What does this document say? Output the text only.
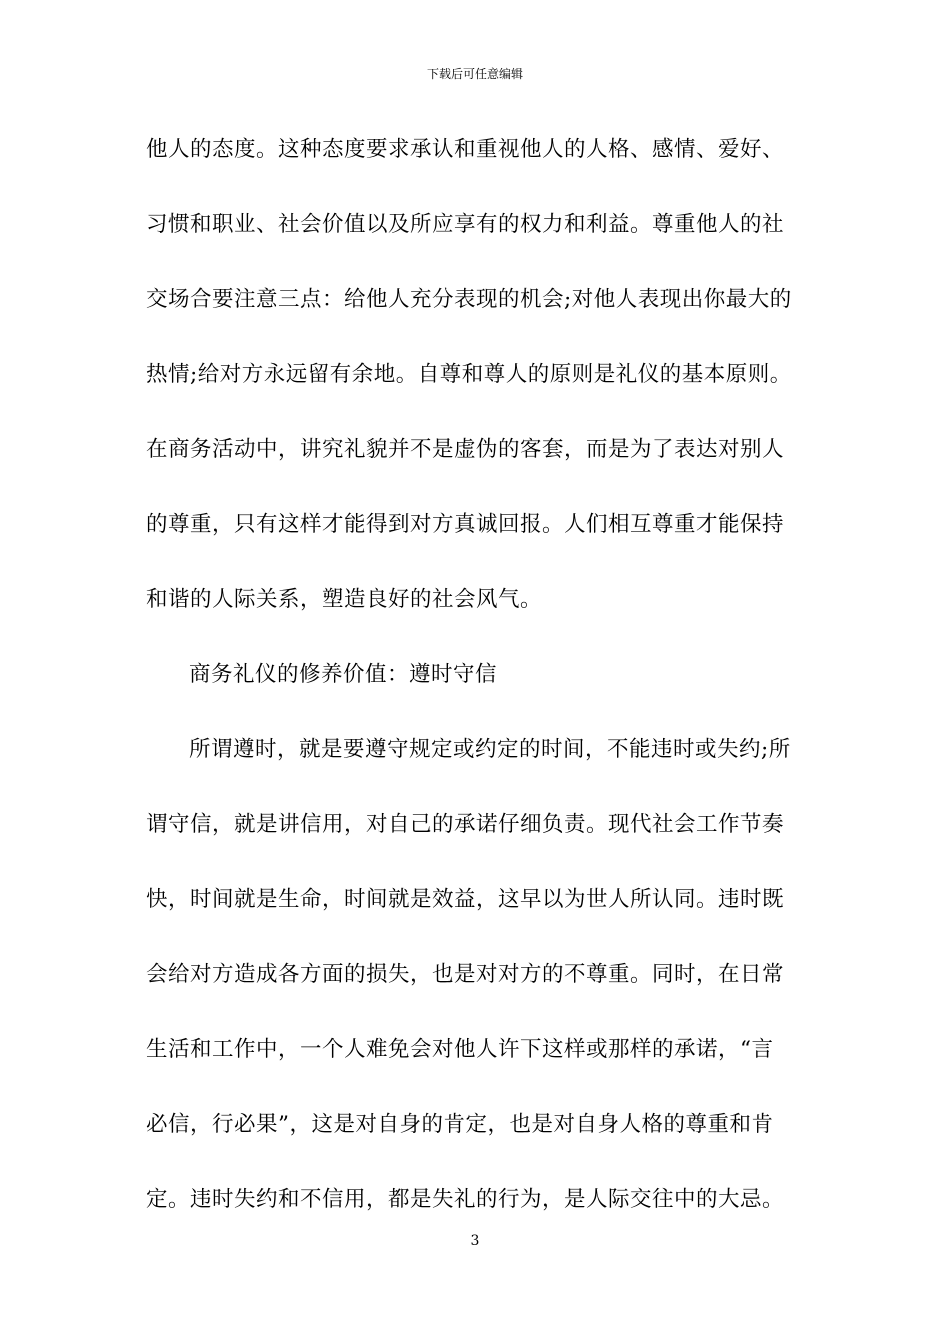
下载后可任意编辑
他人的态度。这种态度要求承认和重视他人的人格、感情、爱好、
习惯和职业、社会价值以及所应享有的权力和利益。尊重他人的社
交场合要注意三点：给他人充分表现的机会;对他人表现出你最大的
热情;给对方永远留有余地。自尊和尊人的原则是礼仪的基本原则。
在商务活动中，讲究礼貌并不是虚伪的客套，而是为了表达对别人
的尊重，只有这样才能得到对方真诚回报。人们相互尊重才能保持
和谐的人际关系，塑造良好的社会风气。
商务礼仪的修养价值：遵时守信
所谓遵时，就是要遵守规定或约定的时间，不能违时或失约;所
谓守信，就是讲信用，对自己的承诺仔细负责。现代社会工作节奏
快，时间就是生命，时间就是效益，这早以为世人所认同。违时既
会给对方造成各方面的损失，也是对对方的不尊重。同时，在日常
生活和工作中，一个人难免会对他人许下这样或那样的承诺，“言
必信，行必果”，这是对自身的肯定，也是对自身人格的尊重和肯
定。违时失约和不信用，都是失礼的行为，是人际交往中的大忌。
3
